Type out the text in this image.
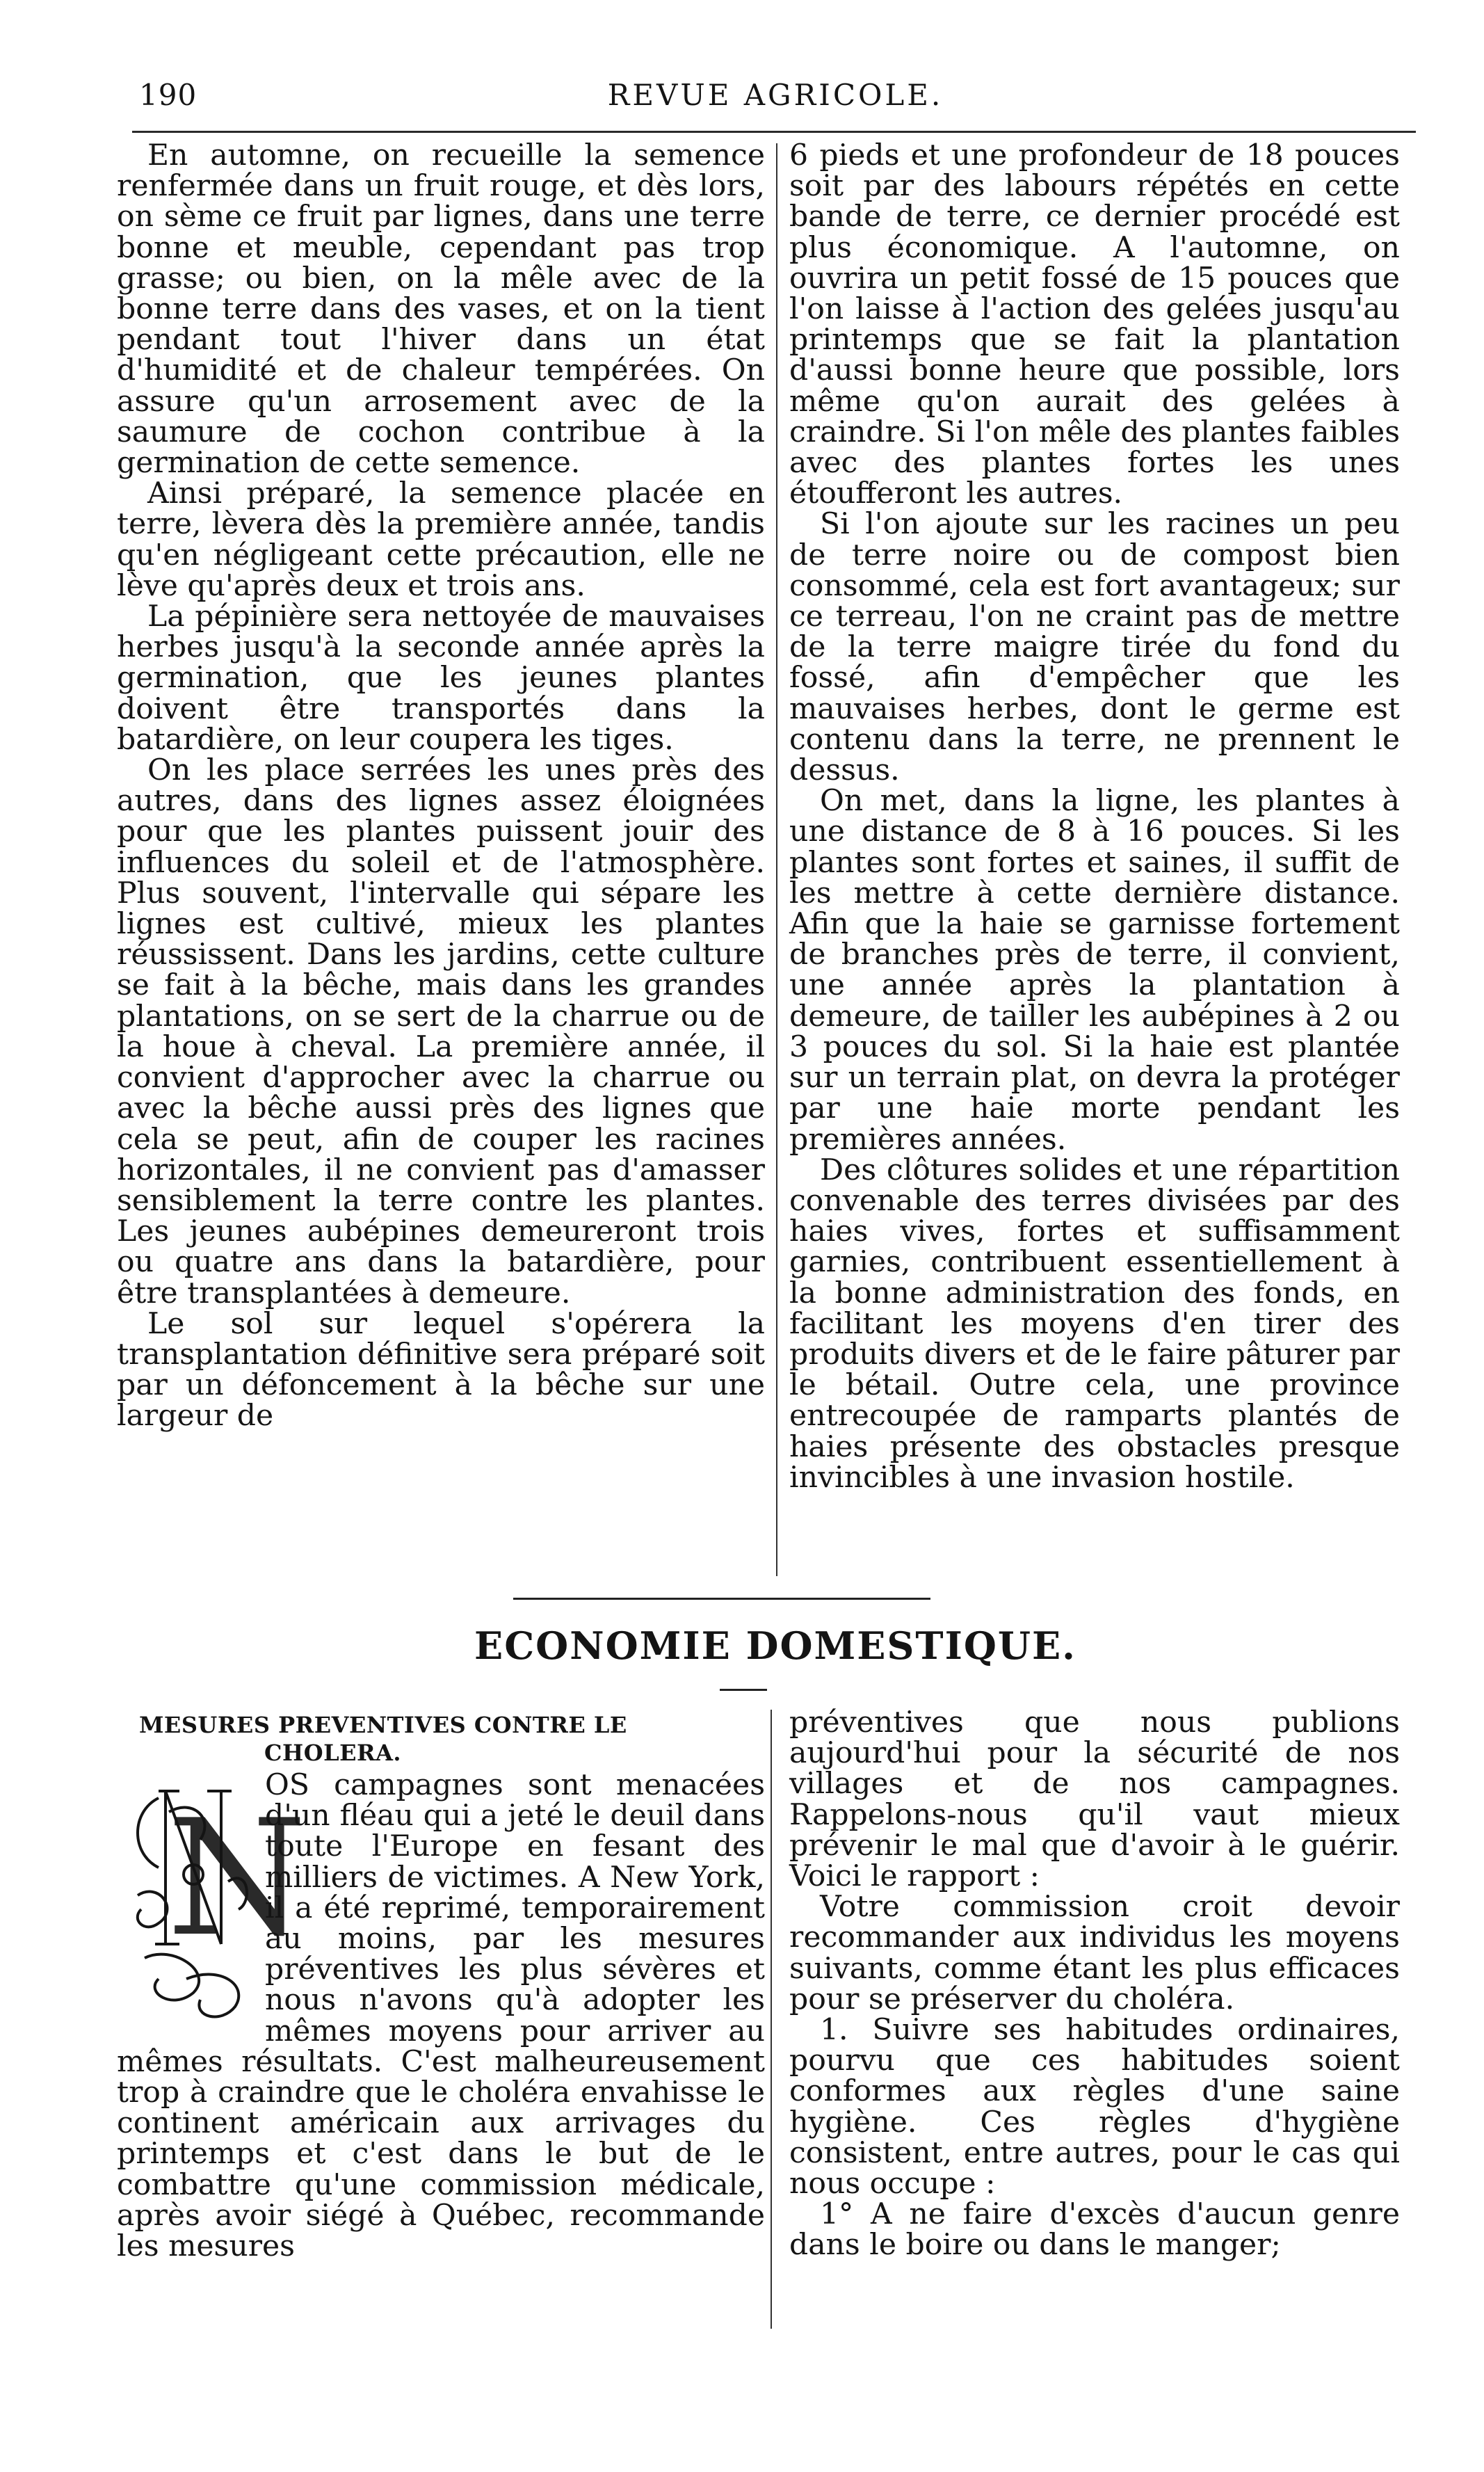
190	REVUE AGRICOLE.

En automne, on recueille la semence renfermée dans un fruit rouge, et dès lors, on sème ce fruit par lignes, dans une terre bonne et meuble, cependant pas trop grasse; ou bien, on la mêle avec de la bonne terre dans des vases, et on la tient pendant tout l'hiver dans un état d'humidité et de chaleur tempérées. On assure qu'un arrosement avec de la saumure de cochon contribue à la germination de cette semence.

Ainsi préparé, la semence placée en terre, lèvera dès la première année, tandis qu'en négligeant cette précaution, elle ne lève qu'après deux et trois ans.

La pépinière sera nettoyée de mauvaises herbes jusqu'à la seconde année après la germination, que les jeunes plantes doivent être transportés dans la batardière, on leur coupera les tiges.

On les place serrées les unes près des autres, dans des lignes assez éloignées pour que les plantes puissent jouir des influences du soleil et de l'atmosphère. Plus souvent, l'intervalle qui sépare les lignes est cultivé, mieux les plantes réussissent. Dans les jardins, cette culture se fait à la bêche, mais dans les grandes plantations, on se sert de la charrue ou de la houe à cheval. La première année, il convient d'approcher avec la charrue ou avec la bêche aussi près des lignes que cela se peut, afin de couper les racines horizontales, il ne convient pas d'amasser sensiblement la terre contre les plantes. Les jeunes aubépines demeureront trois ou quatre ans dans la batardière, pour être transplantées à demeure.

Le sol sur lequel s'opérera la transplantation définitive sera préparé soit par un défoncement à la bêche sur une largeur de

6 pieds et une profondeur de 18 pouces soit par des labours répétés en cette bande de terre, ce dernier procédé est plus économique. A l'automne, on ouvrira un petit fossé de 15 pouces que l'on laisse à l'action des gelées jusqu'au printemps que se fait la plantation d'aussi bonne heure que possible, lors même qu'on aurait des gelées à craindre. Si l'on mêle des plantes faibles avec des plantes fortes les unes étoufferont les autres.

Si l'on ajoute sur les racines un peu de terre noire ou de compost bien consommé, cela est fort avantageux; sur ce terreau, l'on ne craint pas de mettre de la terre maigre tirée du fond du fossé, afin d'empêcher que les mauvaises herbes, dont le germe est contenu dans la terre, ne prennent le dessus.

On met, dans la ligne, les plantes à une distance de 8 à 16 pouces. Si les plantes sont fortes et saines, il suffit de les mettre à cette dernière distance. Afin que la haie se garnisse fortement de branches près de terre, il convient, une année après la plantation à demeure, de tailler les aubépines à 2 ou 3 pouces du sol. Si la haie est plantée sur un terrain plat, on devra la protéger par une haie morte pendant les premières années.

Des clôtures solides et une répartition convenable des terres divisées par des haies vives, fortes et suffisamment garnies, contribuent essentiellement à la bonne administration des fonds, en facilitant les moyens d'en tirer des produits divers et de le faire pâturer par le bétail. Outre cela, une province entrecoupée de ramparts plantés de haies présente des obstacles presque invincibles à une invasion hostile.

ECONOMIE DOMESTIQUE.
MESURES PREVENTIVES CONTRE LE
CHOLERA.
N

OS campagnes sont menacées d'un fléau qui a jeté le deuil dans toute l'Europe en fesant des milliers de victimes. A New York, il a été reprimé, temporairement au moins, par les mesures préventives les plus sévères et nous n'avons qu'à adopter les mêmes moyens pour arriver au mêmes résultats. C'est malheureusement trop à craindre que le choléra envahisse le continent américain aux arrivages du printemps et c'est dans le but de le combattre qu'une commission médicale, après avoir siégé à Québec, recommande les mesures

préventives que nous publions aujourd'hui pour la sécurité de nos villages et de nos campagnes. Rappelons-nous qu'il vaut mieux prévenir le mal que d'avoir à le guérir. Voici le rapport :

Votre commission croit devoir recommander aux individus les moyens suivants, comme étant les plus efficaces pour se préserver du choléra.

1. Suivre ses habitudes ordinaires, pourvu que ces habitudes soient conformes aux règles d'une saine hygiène. Ces règles d'hygiène consistent, entre autres, pour le cas qui nous occupe :

1° A ne faire d'excès d'aucun genre dans le boire ou dans le manger;
